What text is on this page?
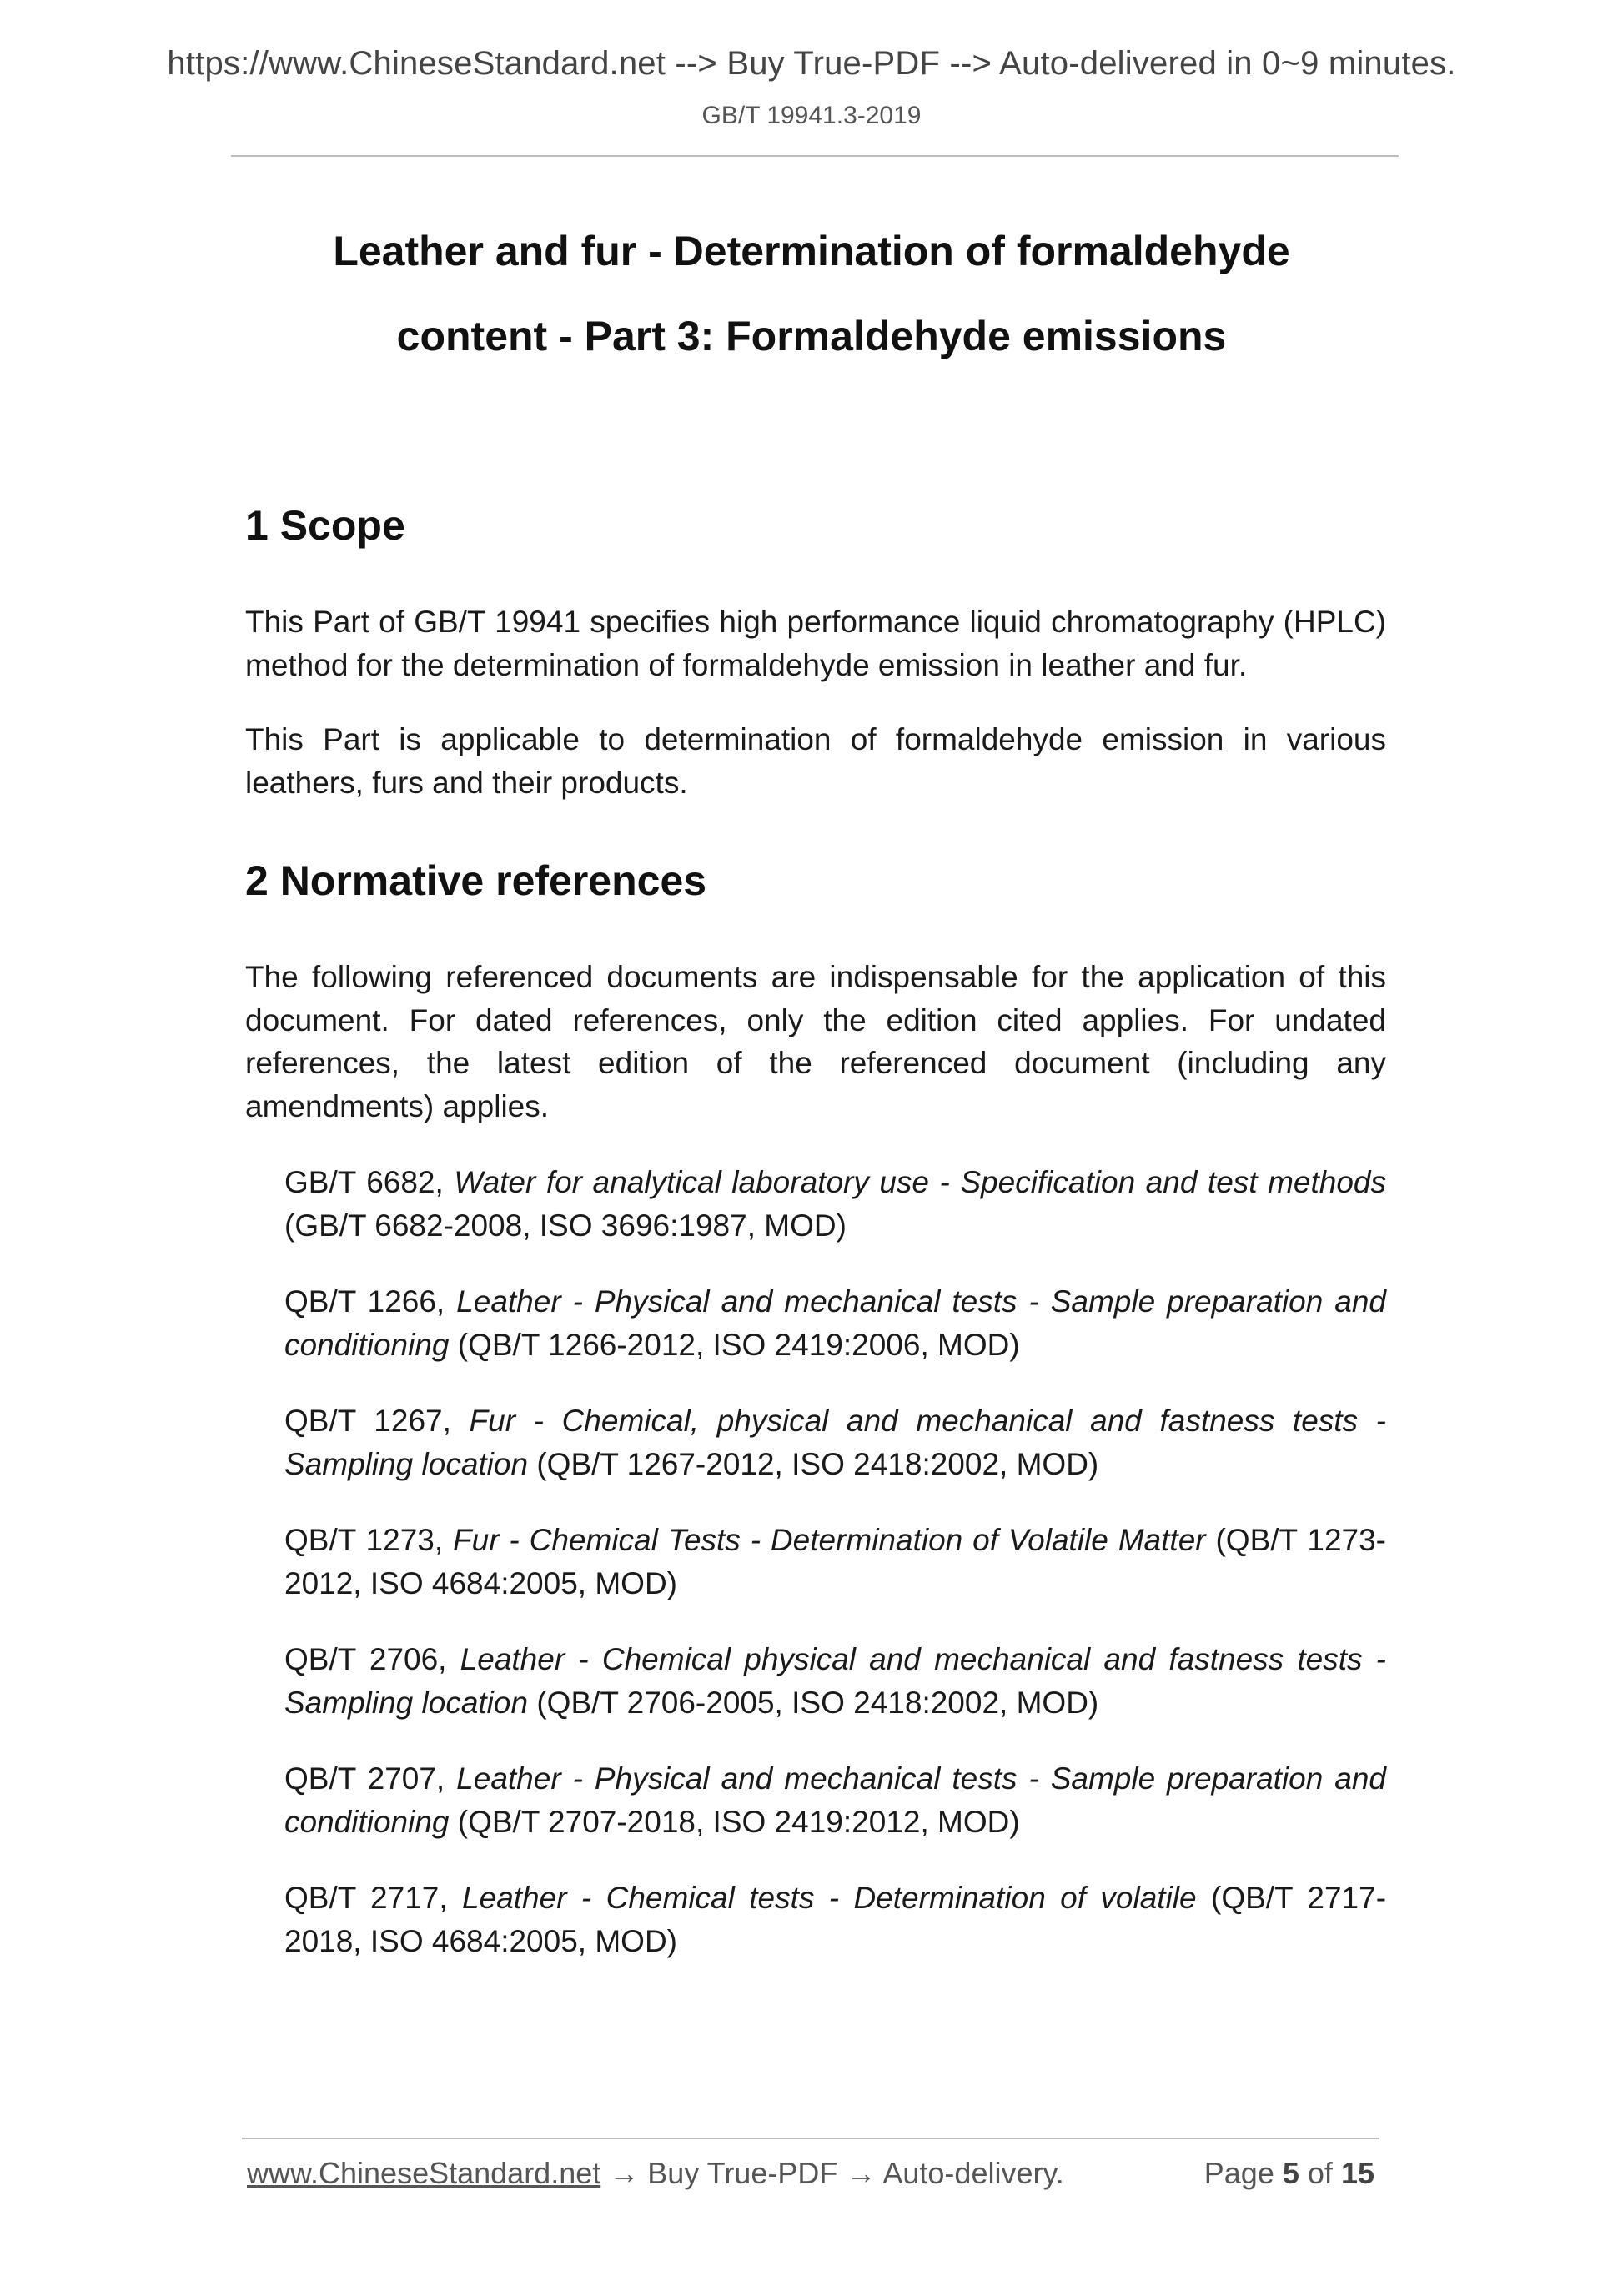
https://www.ChineseStandard.net --> Buy True-PDF --> Auto-delivered in 0~9 minutes.
GB/T 19941.3-2019
Leather and fur - Determination of formaldehyde
content - Part 3: Formaldehyde emissions
1 Scope

This Part of GB/T 19941 specifies high performance liquid chromatography (HPLC) method for the determination of formaldehyde emission in leather and fur.

This Part is applicable to determination of formaldehyde emission in various leathers, furs and their products.

2 Normative references

The following referenced documents are indispensable for the application of this document. For dated references, only the edition cited applies. For undated references, the latest edition of the referenced document (including any amendments) applies.

GB/T 6682, Water for analytical laboratory use - Specification and test methods (GB/T 6682-2008, ISO 3696:1987, MOD)
QB/T 1266, Leather - Physical and mechanical tests - Sample preparation and conditioning (QB/T 1266-2012, ISO 2419:2006, MOD)
QB/T 1267, Fur - Chemical, physical and mechanical and fastness tests - Sampling location (QB/T 1267-2012, ISO 2418:2002, MOD)
QB/T 1273, Fur - Chemical Tests - Determination of Volatile Matter (QB/T 1273-2012, ISO 4684:2005, MOD)
QB/T 2706, Leather - Chemical physical and mechanical and fastness tests - Sampling location (QB/T 2706-2005, ISO 2418:2002, MOD)
QB/T 2707, Leather - Physical and mechanical tests - Sample preparation and conditioning (QB/T 2707-2018, ISO 2419:2012, MOD)
QB/T 2717, Leather - Chemical tests - Determination of volatile (QB/T 2717-2018, ISO 4684:2005, MOD)
www.ChineseStandard.net → Buy True-PDF → Auto-delivery.	Page 5 of 15
